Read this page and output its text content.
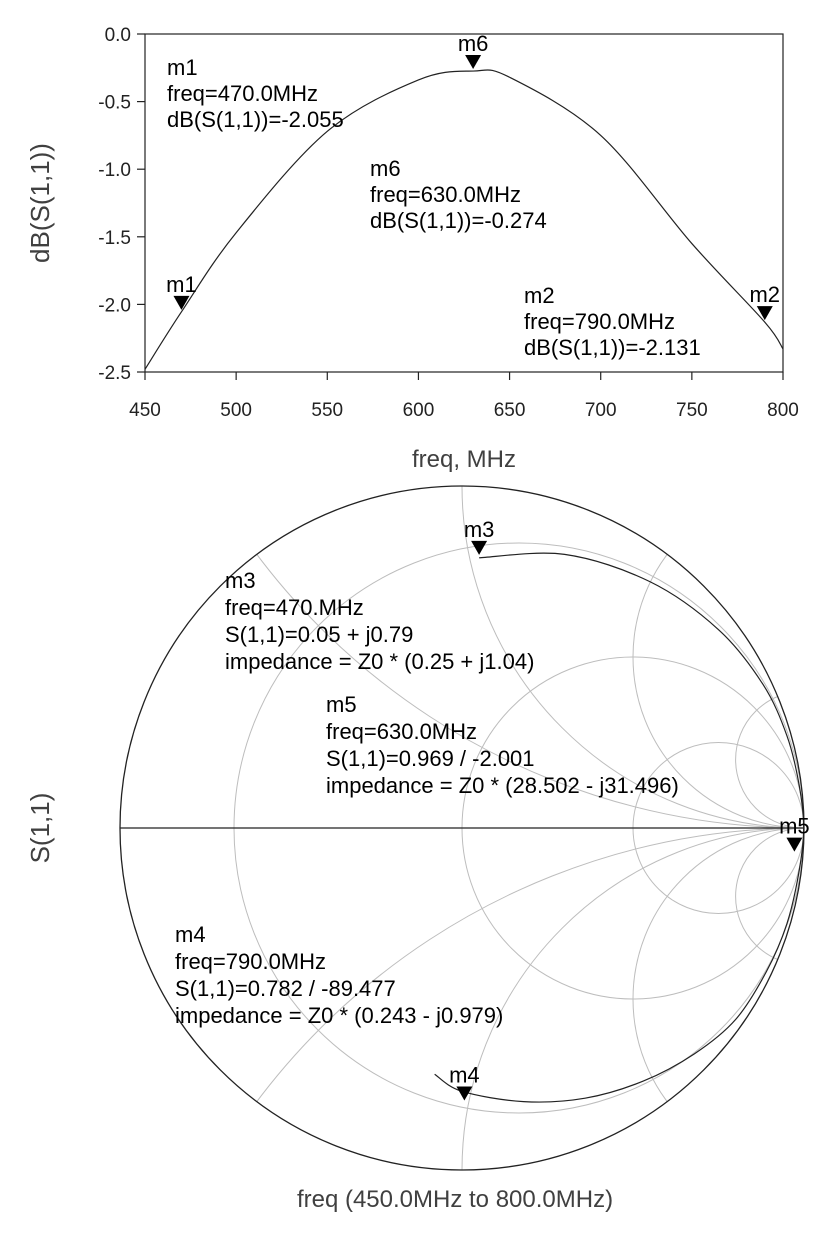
0.0
-0.5
-1.0
-1.5
-2.0
-2.5
450	500	550	600	650	700	750	800
m1
m6
m2
m1
freq=470.0MHz
dB(S(1,1))=-2.055
m6
freq=630.0MHz
dB(S(1,1))=-0.274
m2
freq=790.0MHz
dB(S(1,1))=-2.131
dB(S(1,1))
freq, MHz
m3
m5
m4
m3
freq=470.MHz
S(1,1)=0.05 + j0.79
impedance = Z0 * (0.25 + j1.04)
m5
freq=630.0MHz
S(1,1)=0.969 / -2.001
impedance = Z0 * (28.502 - j31.496)
m4
freq=790.0MHz
S(1,1)=0.782 / -89.477
impedance = Z0 * (0.243 - j0.979)
S(1,1)
freq (450.0MHz to 800.0MHz)
